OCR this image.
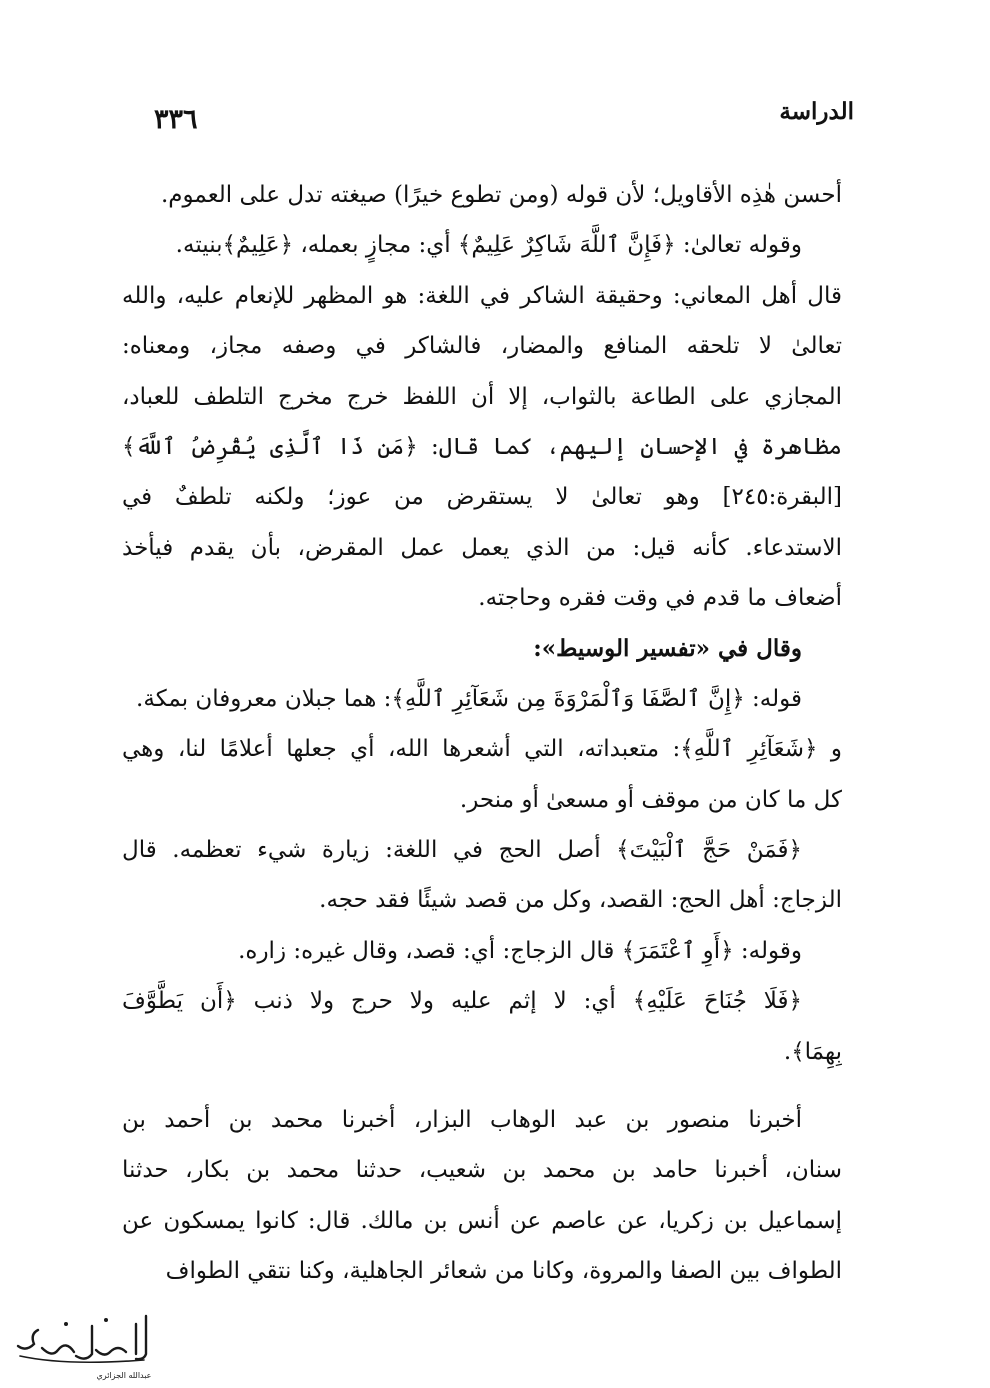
الدراسة
٣٣٦
أحسن هٰذِه الأقاويل؛ لأن قوله (ومن تطوع خيرًا) صيغته تدل على العموم.
وقوله تعالىٰ: ﴿فَإِنَّ ٱللَّهَ شَاكِرٌ عَلِيمٌ﴾ أي: مجازٍ بعمله، ﴿عَلِيمٌ﴾بنيته.
قال أهل المعاني: وحقيقة الشاكر في اللغة: هو المظهر للإنعام عليه، والله
تعالىٰ لا تلحقه المنافع والمضار، فالشاكر في وصفه مجاز، ومعناه:
المجازي على الطاعة بالثواب، إلا أن اللفظ خرج مخرج التلطف للعباد،
مظاهرة في الإحسان إليهم، كما قال: ﴿مَن ذَا ٱلَّذِى يُقْرِضُ ٱللَّهَ﴾
[البقرة:٢٤٥] وهو تعالىٰ لا يستقرض من عوز؛ ولكنه تلطفٌ في
الاستدعاء. كأنه قيل: من الذي يعمل عمل المقرض، بأن يقدم فيأخذ
أضعاف ما قدم في وقت فقره وحاجته.
وقال في «تفسير الوسيط»:
قوله: ﴿إِنَّ ٱلصَّفَا وَٱلْمَرْوَةَ مِن شَعَآئِرِ ٱللَّهِ﴾: هما جبلان معروفان بمكة.
و ﴿شَعَآئِرِ ٱللَّهِ﴾: متعبداته، التي أشعرها الله، أي جعلها أعلامًا لنا، وهي
كل ما كان من موقف أو مسعىٰ أو منحر.
﴿فَمَنْ حَجَّ ٱلْبَيْتَ﴾ أصل الحج في اللغة: زيارة شيء تعظمه. قال
الزجاج: أهل الحج: القصد، وكل من قصد شيئًا فقد حجه.
وقوله: ﴿أَوِ ٱعْتَمَرَ﴾ قال الزجاج: أي: قصد، وقال غيره: زاره.
﴿فَلَا جُنَاحَ عَلَيْهِ﴾ أي: لا إثم عليه ولا حرج ولا ذنب ﴿أَن يَطَّوَّفَ
بِهِمَا﴾.
أخبرنا منصور بن عبد الوهاب البزار، أخبرنا محمد بن أحمد بن
سنان، أخبرنا حامد بن محمد بن شعيب، حدثنا محمد بن بكار، حدثنا
إسماعيل بن زكريا، عن عاصم عن أنس بن مالك. قال: كانوا يمسكون عن
الطواف بين الصفا والمروة، وكانا من شعائر الجاهلية، وكنا نتقي الطواف
عبدالله الجزائري
